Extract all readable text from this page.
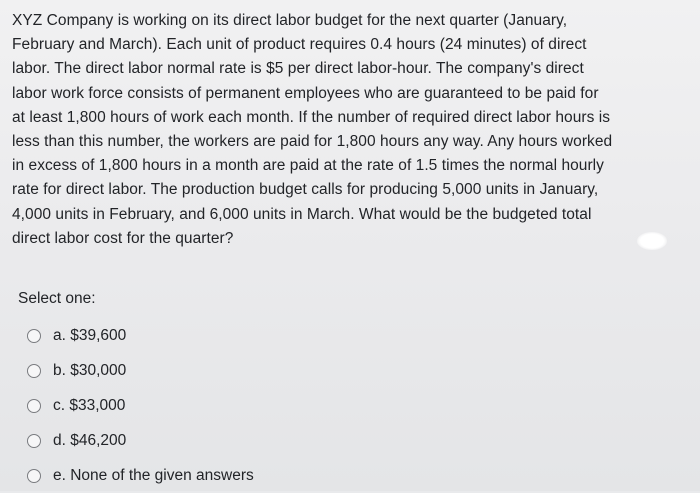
XYZ Company is working on its direct labor budget for the next quarter (January,
February and March). Each unit of product requires 0.4 hours (24 minutes) of direct
labor. The direct labor normal rate is $5 per direct labor-hour. The company's direct
labor work force consists of permanent employees who are guaranteed to be paid for
at least 1,800 hours of work each month. If the number of required direct labor hours is
less than this number, the workers are paid for 1,800 hours any way. Any hours worked
in excess of 1,800 hours in a month are paid at the rate of 1.5 times the normal hourly
rate for direct labor. The production budget calls for producing 5,000 units in January,
4,000 units in February, and 6,000 units in March. What would be the budgeted total
direct labor cost for the quarter?
Select one:
a. $39,600
b. $30,000
c. $33,000
d. $46,200
e. None of the given answers
